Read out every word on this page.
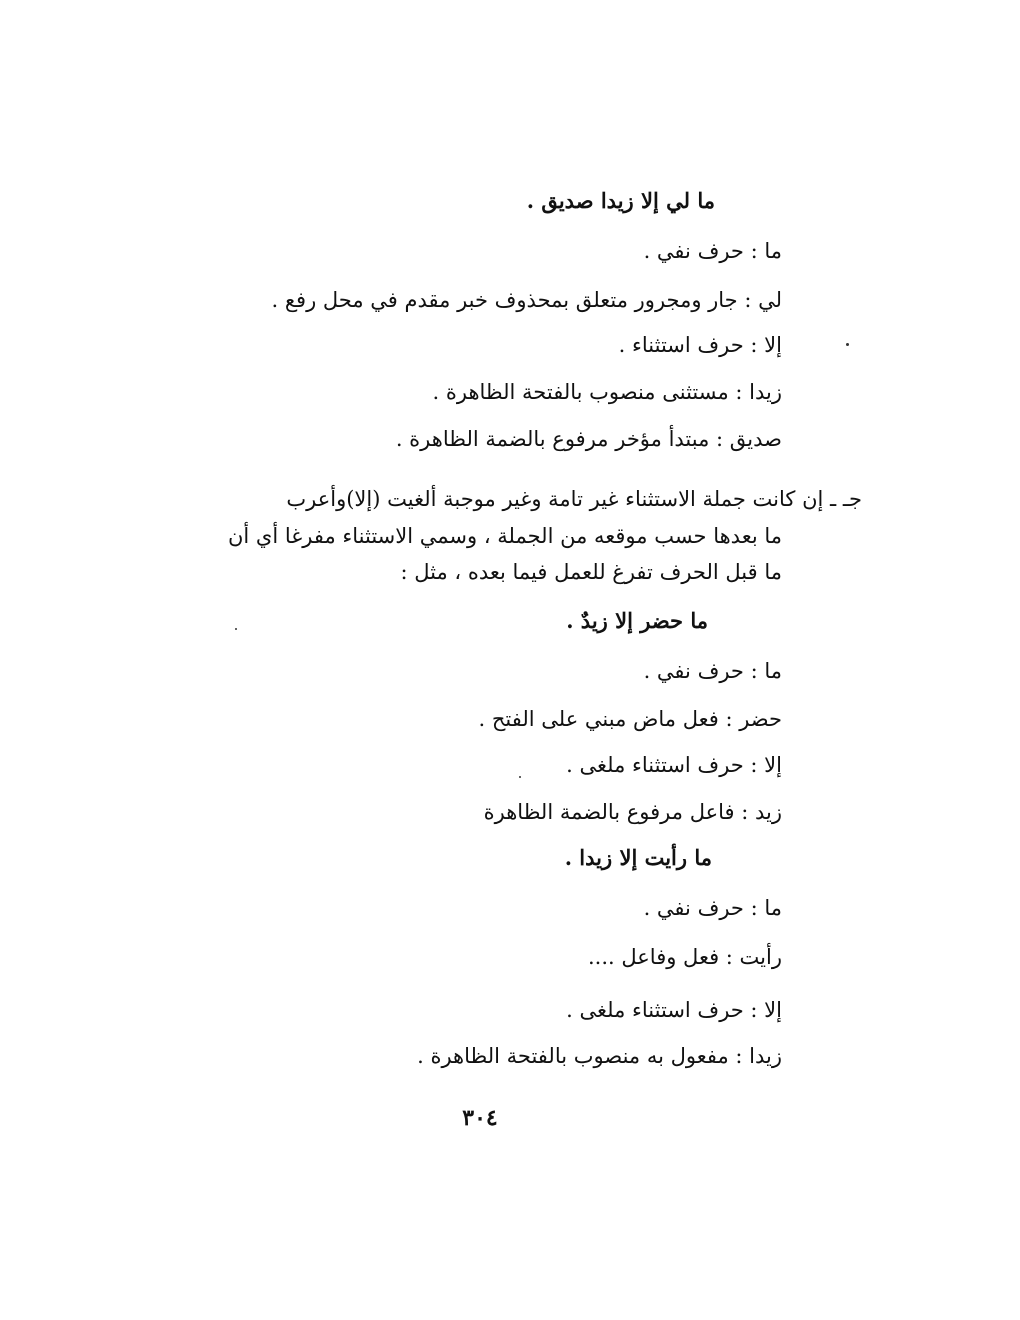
ما لي إلا زيدا صديق .
ما : حرف نفي .
لي : جار ومجرور متعلق بمحذوف خبر مقدم في محل رفع .
إلا : حرف استثناء .
زيدا : مستثنى منصوب بالفتحة الظاهرة .
صديق : مبتدأ مؤخر مرفوع بالضمة الظاهرة .
جـ ـ إن كانت جملة الاستثناء غير تامة وغير موجبة ألغيت (إلا)وأعرب
ما بعدها حسب موقعه من الجملة ، وسمي الاستثناء مفرغا أي أن
ما قبل الحرف تفرغ للعمل فيما بعده ، مثل :
ما حضر إلا زيدٌ .
ما : حرف نفي .
حضر : فعل ماض مبني على الفتح .
إلا : حرف استثناء ملغى .
زيد : فاعل مرفوع بالضمة الظاهرة
ما رأيت إلا زيدا .
ما : حرف نفي .
رأيت : فعل وفاعل ....
إلا : حرف استثناء ملغى .
زيدا : مفعول به منصوب بالفتحة الظاهرة .
٣٠٤
